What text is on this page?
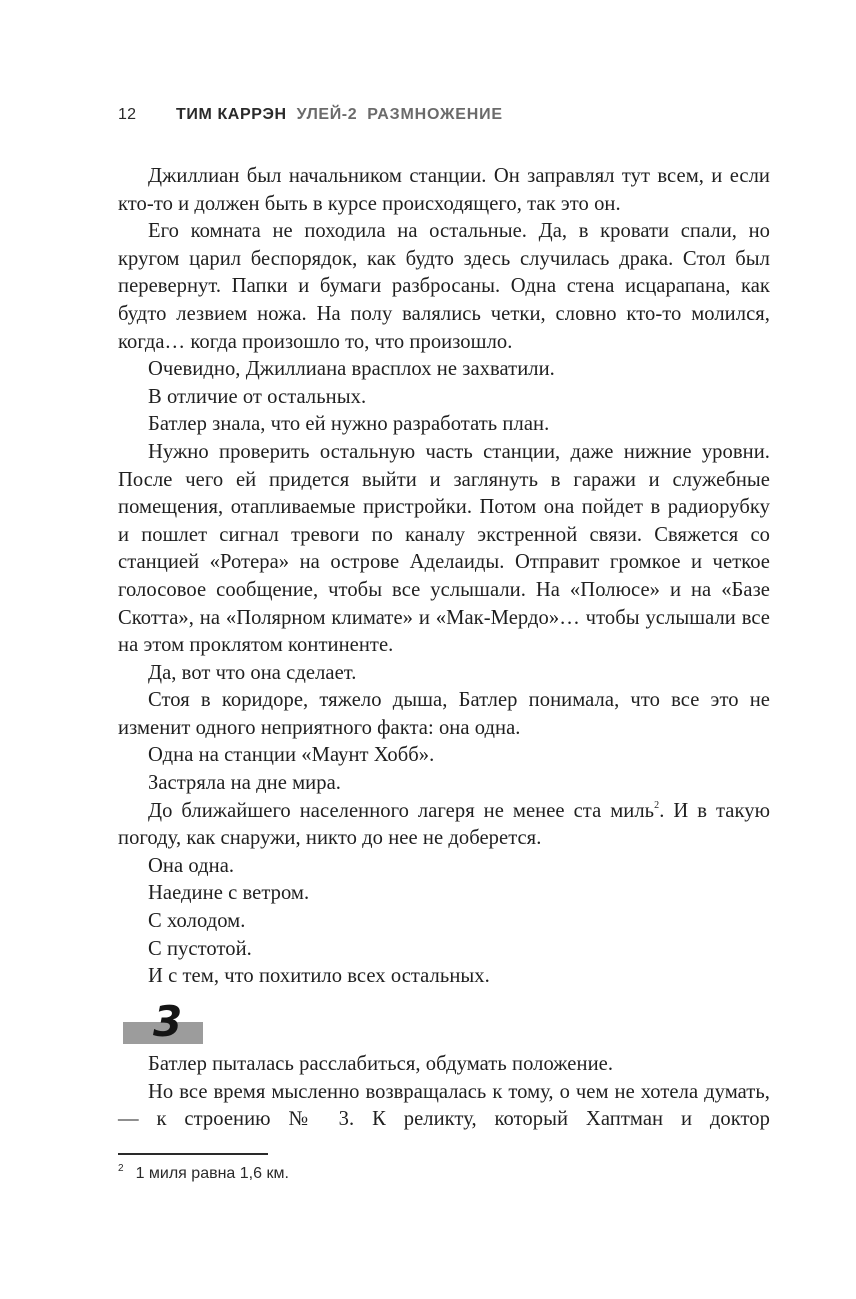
12 ТИМ КАРРЭН УЛЕЙ-2 РАЗМНОЖЕНИЕ

Джиллиан был начальником станции. Он заправлял тут всем, и если кто-то и должен быть в курсе происходящего, так это он.

Его комната не походила на остальные. Да, в кровати спали, но кругом царил беспорядок, как будто здесь случилась драка. Стол был перевернут. Папки и бумаги разбросаны. Одна стена исцарапана, как будто лезвием ножа. На полу валялись четки, словно кто-то молился, когда… когда произошло то, что произошло.

Очевидно, Джиллиана врасплох не захватили.

В отличие от остальных.

Батлер знала, что ей нужно разработать план.

Нужно проверить остальную часть станции, даже нижние уровни. После чего ей придется выйти и заглянуть в гаражи и служебные помещения, отапливаемые пристройки. Потом она пойдет в радиорубку и пошлет сигнал тревоги по каналу экстренной связи. Свяжется со станцией «Ротера» на острове Аделаиды. Отправит громкое и четкое голосовое сообщение, чтобы все услышали. На «Полюсе» и на «Базе Скотта», на «Полярном климате» и «Мак-Мердо»… чтобы услышали все на этом проклятом континенте.

Да, вот что она сделает.

Стоя в коридоре, тяжело дыша, Батлер понимала, что все это не изменит одного неприятного факта: она одна.

Одна на станции «Маунт Хобб».

Застряла на дне мира.

До ближайшего населенного лагеря не менее ста миль$^2$. И в такую погоду, как снаружи, никто до нее не доберется.

Она одна.

Наедине с ветром.

С холодом.

С пустотой.

И с тем, что похитило всех остальных.

3

Батлер пыталась расслабиться, обдумать положение.

Но все время мысленно возвращалась к тому, о чем не хотела думать, — к строению № 3. К реликту, который Хаптман и доктор

$^2$ 1 миля равна 1,6 км.
